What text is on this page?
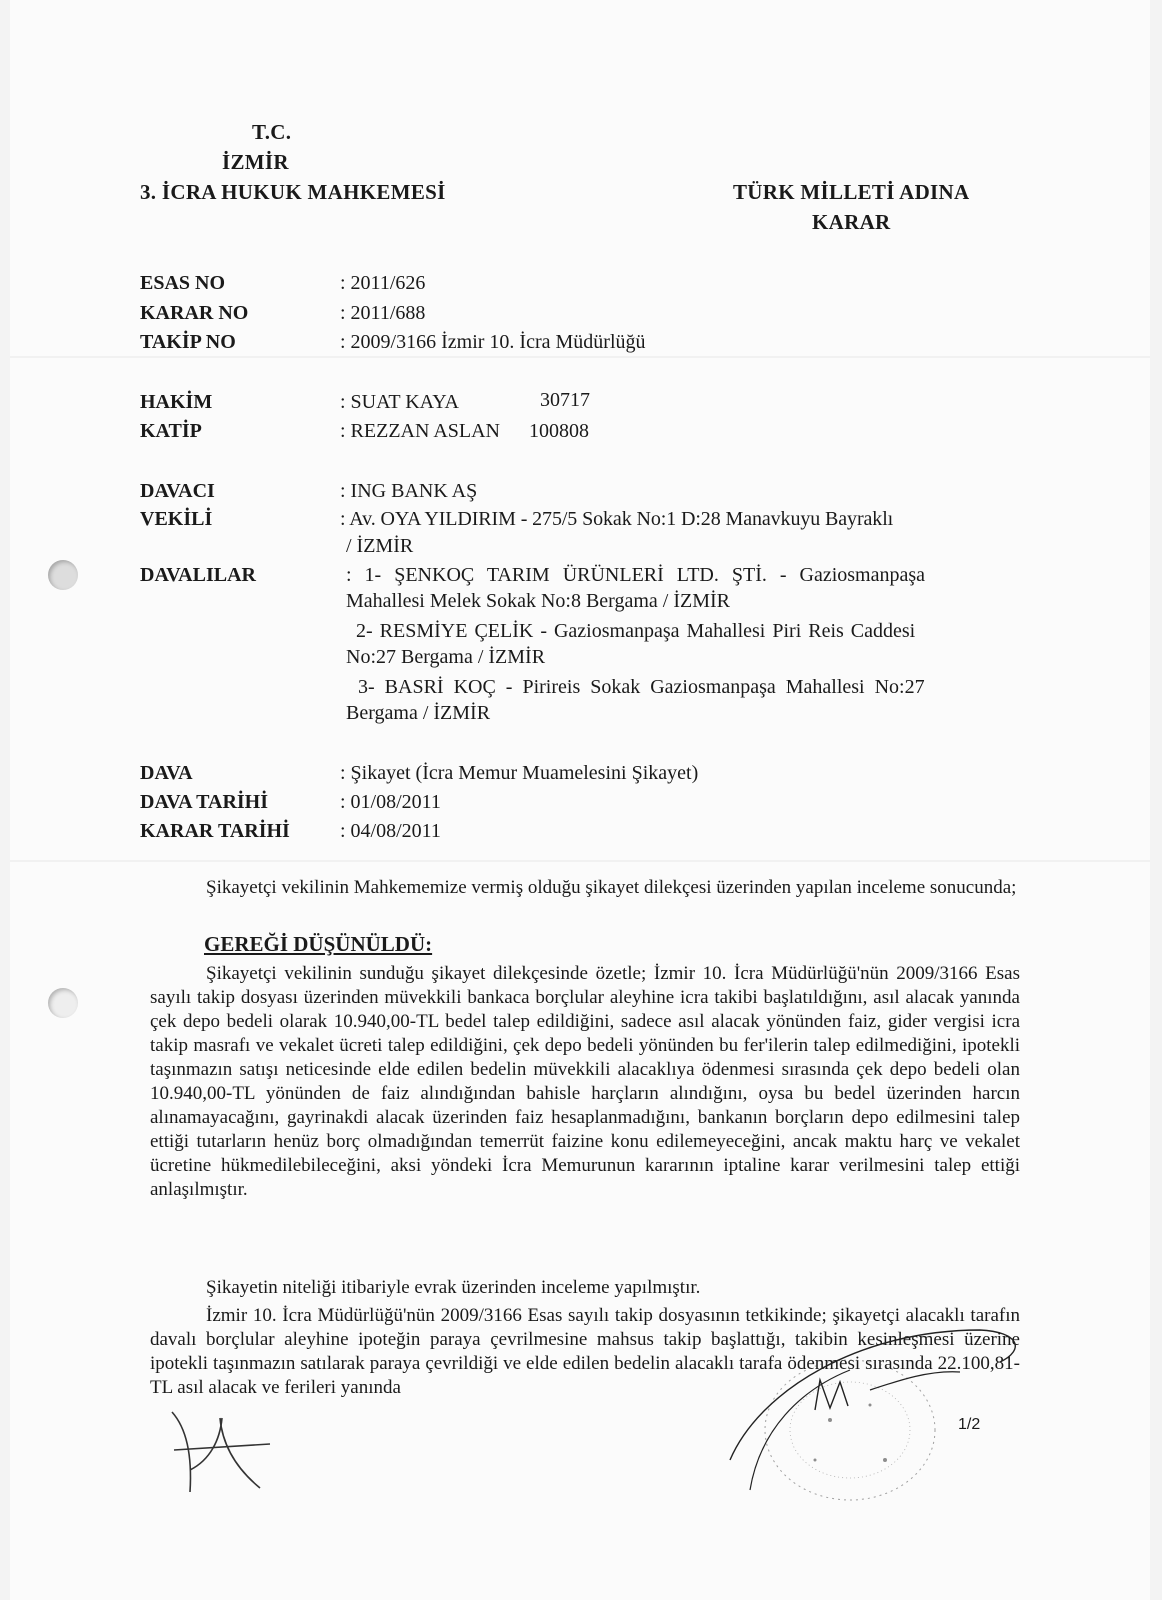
T.C.
İZMİR
3. İCRA HUKUK MAHKEMESİ	TÜRK MİLLETİ ADINA
KARAR
ESAS NO	: 2011/626
KARAR NO	: 2011/688
TAKİP NO	: 2009/3166 İzmir 10. İcra Müdürlüğü
HAKİM	: SUAT KAYA	30717
KATİP	: REZZAN ASLAN 100808
DAVACI	: ING BANK AŞ
VEKİLİ	: Av. OYA YILDIRIM - 275/5 Sokak No:1 D:28 Manavkuyu Bayraklı
/ İZMİR
DAVALILAR	: 1- ŞENKOÇ TARIM ÜRÜNLERİ LTD. ŞTİ. - Gaziosmanpaşa
Mahallesi Melek Sokak No:8 Bergama / İZMİR
2- RESMİYE ÇELİK - Gaziosmanpaşa Mahallesi Piri Reis Caddesi
No:27 Bergama / İZMİR
3- BASRİ KOÇ - Pirireis Sokak Gaziosmanpaşa Mahallesi No:27
Bergama / İZMİR
DAVA	: Şikayet (İcra Memur Muamelesini Şikayet)
DAVA TARİHİ	: 01/08/2011
KARAR TARİHİ	: 04/08/2011
Şikayetçi vekilinin Mahkememize vermiş olduğu şikayet dilekçesi üzerinden yapılan inceleme sonucunda;
GEREĞİ DÜŞÜNÜLDÜ:
Şikayetçi vekilinin sunduğu şikayet dilekçesinde özetle; İzmir 10. İcra Müdürlüğü'nün 2009/3166 Esas sayılı takip dosyası üzerinden müvekkili bankaca borçlular aleyhine icra takibi başlatıldığını, asıl alacak yanında çek depo bedeli olarak 10.940,00-TL bedel talep edildiğini, sadece asıl alacak yönünden faiz, gider vergisi icra takip masrafı ve vekalet ücreti talep edildiğini, çek depo bedeli yönünden bu fer'ilerin talep edilmediğini, ipotekli taşınmazın satışı neticesinde elde edilen bedelin müvekkili alacaklıya ödenmesi sırasında çek depo bedeli olan 10.940,00-TL yönünden de faiz alındığından bahisle harçların alındığını, oysa bu bedel üzerinden harcın alınamayacağını, gayrinakdi alacak üzerinden faiz hesaplanmadığını, bankanın borçların depo edilmesini talep ettiği tutarların henüz borç olmadığından temerrüt faizine konu edilemeyeceğini, ancak maktu harç ve vekalet ücretine hükmedilebileceğini, aksi yöndeki İcra Memurunun kararının iptaline karar verilmesini talep ettiği anlaşılmıştır.
Şikayetin niteliği itibariyle evrak üzerinden inceleme yapılmıştır.
İzmir 10. İcra Müdürlüğü'nün 2009/3166 Esas sayılı takip dosyasının tetkikinde; şikayetçi alacaklı tarafın davalı borçlular aleyhine ipoteğin paraya çevrilmesine mahsus takip başlattığı, takibin kesinleşmesi üzerine ipotekli taşınmazın satılarak paraya çevrildiği ve elde edilen bedelin alacaklı tarafa ödenmesi sırasında 22.100,81-TL asıl alacak ve ferileri yanında
1/2
